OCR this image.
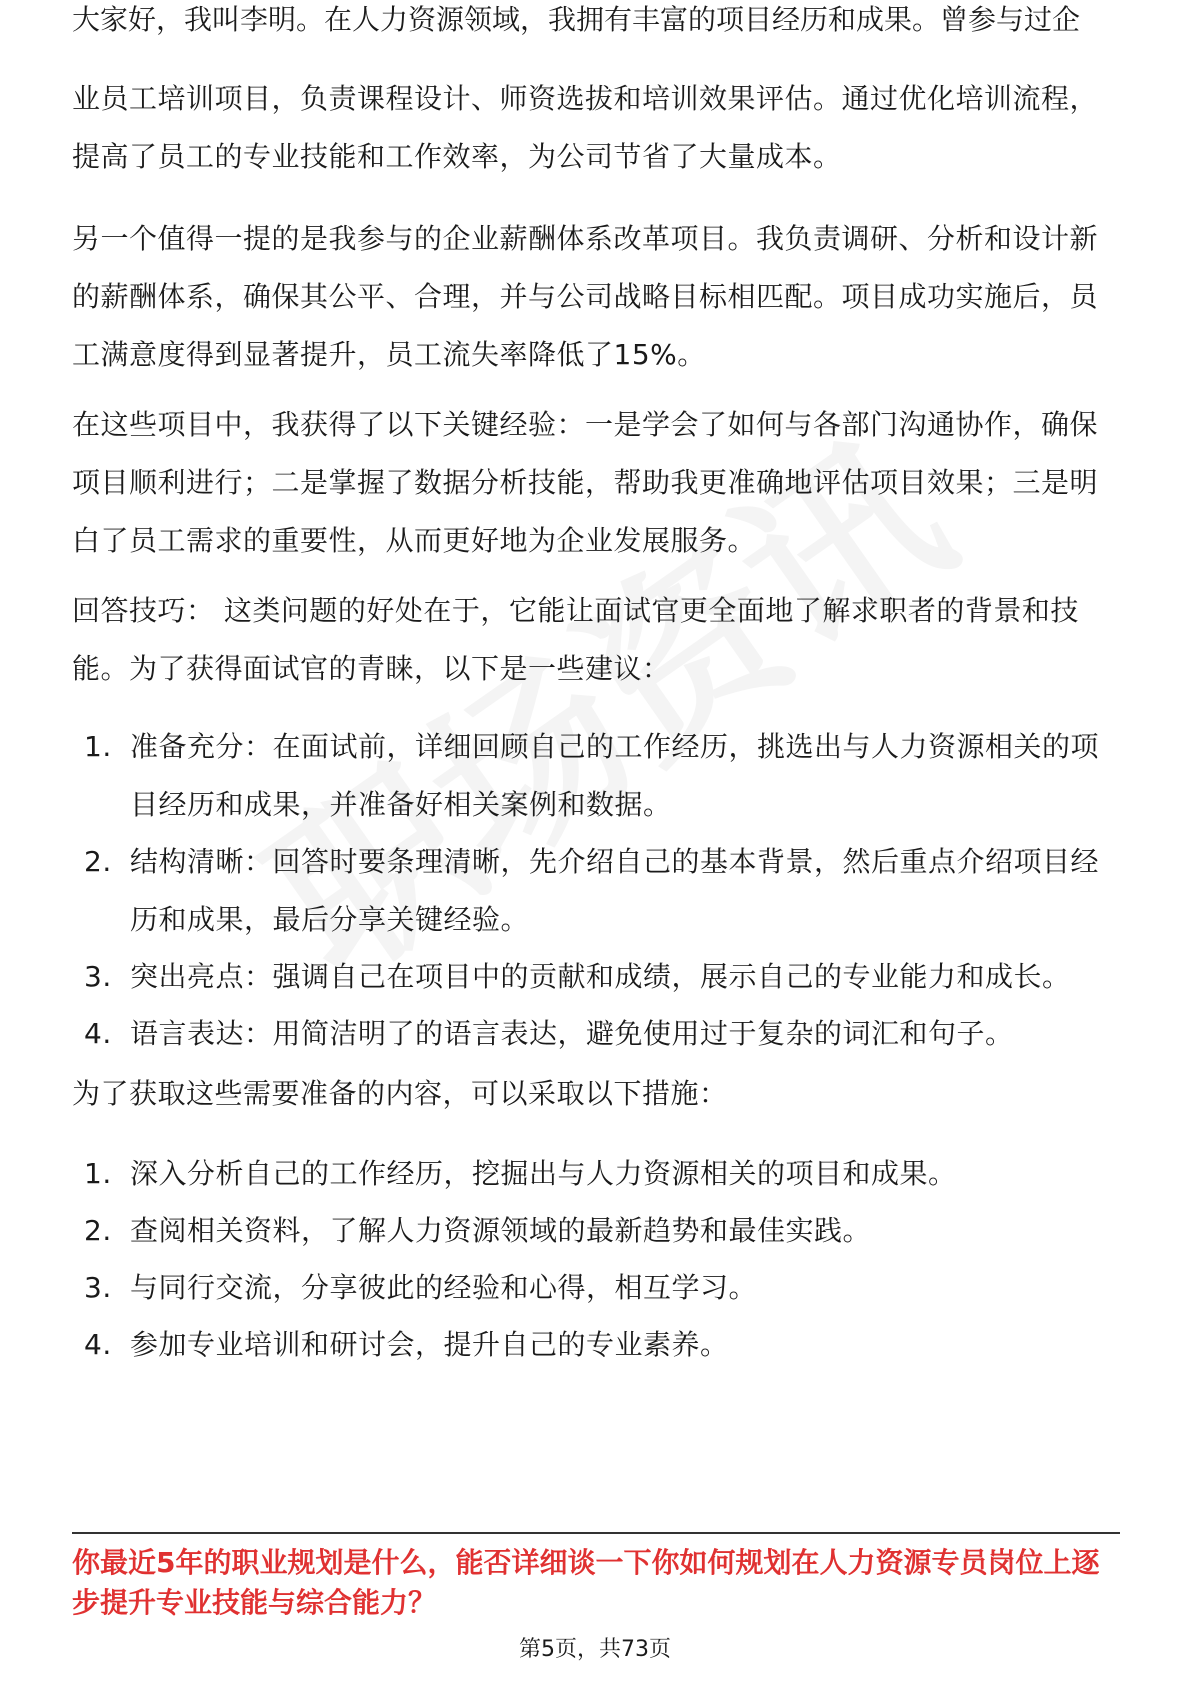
大家好，我叫李明。在人力资源领域，我拥有丰富的项目经历和成果。曾参与过企

业员工培训项目，负责课程设计、师资选拔和培训效果评估。通过优化培训流程，提高了员工的专业技能和工作效率，为公司节省了大量成本。

另一个值得一提的是我参与的企业薪酬体系改革项目。我负责调研、分析和设计新的薪酬体系，确保其公平、合理，并与公司战略目标相匹配。项目成功实施后，员工满意度得到显著提升，员工流失率降低了15%。

在这些项目中，我获得了以下关键经验：一是学会了如何与各部门沟通协作，确保项目顺利进行；二是掌握了数据分析技能，帮助我更准确地评估项目效果；三是明白了员工需求的重要性，从而更好地为企业发展服务。

回答技巧： 这类问题的好处在于，它能让面试官更全面地了解求职者的背景和技能。为了获得面试官的青睐，以下是一些建议：

1. 准备充分：在面试前，详细回顾自己的工作经历，挑选出与人力资源相关的项目经历和成果，并准备好相关案例和数据。
2. 结构清晰：回答时要条理清晰，先介绍自己的基本背景，然后重点介绍项目经历和成果，最后分享关键经验。
3. 突出亮点：强调自己在项目中的贡献和成绩，展示自己的专业能力和成长。
4. 语言表达：用简洁明了的语言表达，避免使用过于复杂的词汇和句子。

为了获取这些需要准备的内容，可以采取以下措施：

1. 深入分析自己的工作经历，挖掘出与人力资源相关的项目和成果。
2. 查阅相关资料，了解人力资源领域的最新趋势和最佳实践。
3. 与同行交流，分享彼此的经验和心得，相互学习。
4. 参加专业培训和研讨会，提升自己的专业素养。

你最近5年的职业规划是什么，能否详细谈一下你如何规划在人力资源专员岗位上逐步提升专业技能与综合能力？

第5页，共73页
